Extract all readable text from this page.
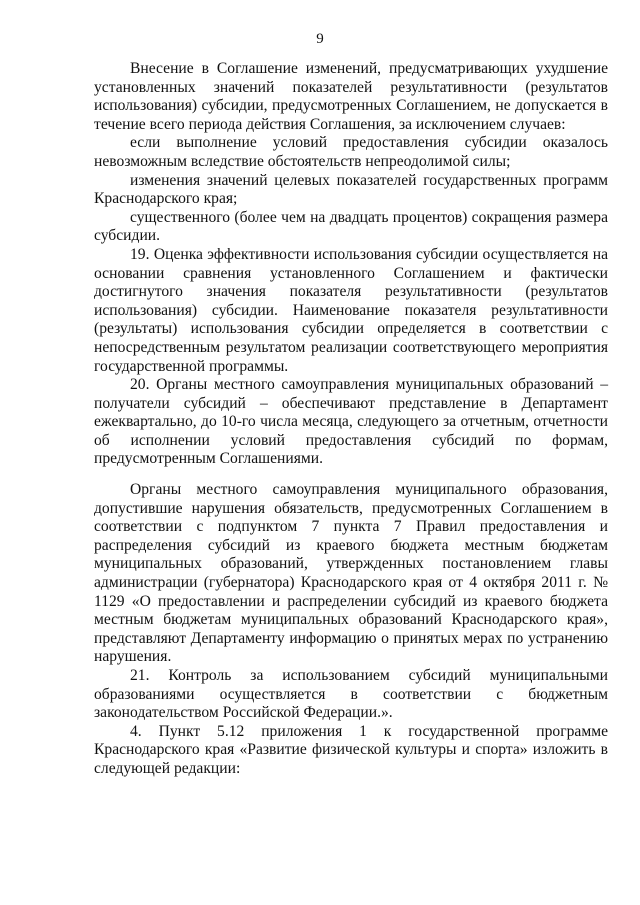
9

Внесение в Соглашение изменений, предусматривающих ухудшение установленных значений показателей результативности (результатов использования) субсидии, предусмотренных Соглашением, не допускается в течение всего периода действия Соглашения, за исключением случаев:

если выполнение условий предоставления субсидии оказалось невозможным вследствие обстоятельств непреодолимой силы;

изменения значений целевых показателей государственных программ Краснодарского края;

существенного (более чем на двадцать процентов) сокращения размера субсидии.

19. Оценка эффективности использования субсидии осуществляется на основании сравнения установленного Соглашением и фактически достигнутого значения показателя результативности (результатов использования) субсидии. Наименование показателя результативности (результаты) использования субсидии определяется в соответствии с непосредственным результатом реализации соответствующего мероприятия государственной программы.

20. Органы местного самоуправления муниципальных образований – получатели субсидий – обеспечивают представление в Департамент ежеквартально, до 10-го числа месяца, следующего за отчетным, отчетности об исполнении условий предоставления субсидий по формам, предусмотренным Соглашениями.

Органы местного самоуправления муниципального образования, допустившие нарушения обязательств, предусмотренных Соглашением в соответствии с подпунктом 7 пункта 7 Правил предоставления и распределения субсидий из краевого бюджета местным бюджетам муниципальных образований, утвержденных постановлением главы администрации (губернатора) Краснодарского края от 4 октября 2011 г. № 1129 «О предоставлении и распределении субсидий из краевого бюджета местным бюджетам муниципальных образований Краснодарского края», представляют Департаменту информацию о принятых мерах по устранению нарушения.

21. Контроль за использованием субсидий муниципальными образованиями осуществляется в соответствии с бюджетным законодательством Российской Федерации.».

4. Пункт 5.12 приложения 1 к государственной программе Краснодарского края «Развитие физической культуры и спорта» изложить в следующей редакции:
